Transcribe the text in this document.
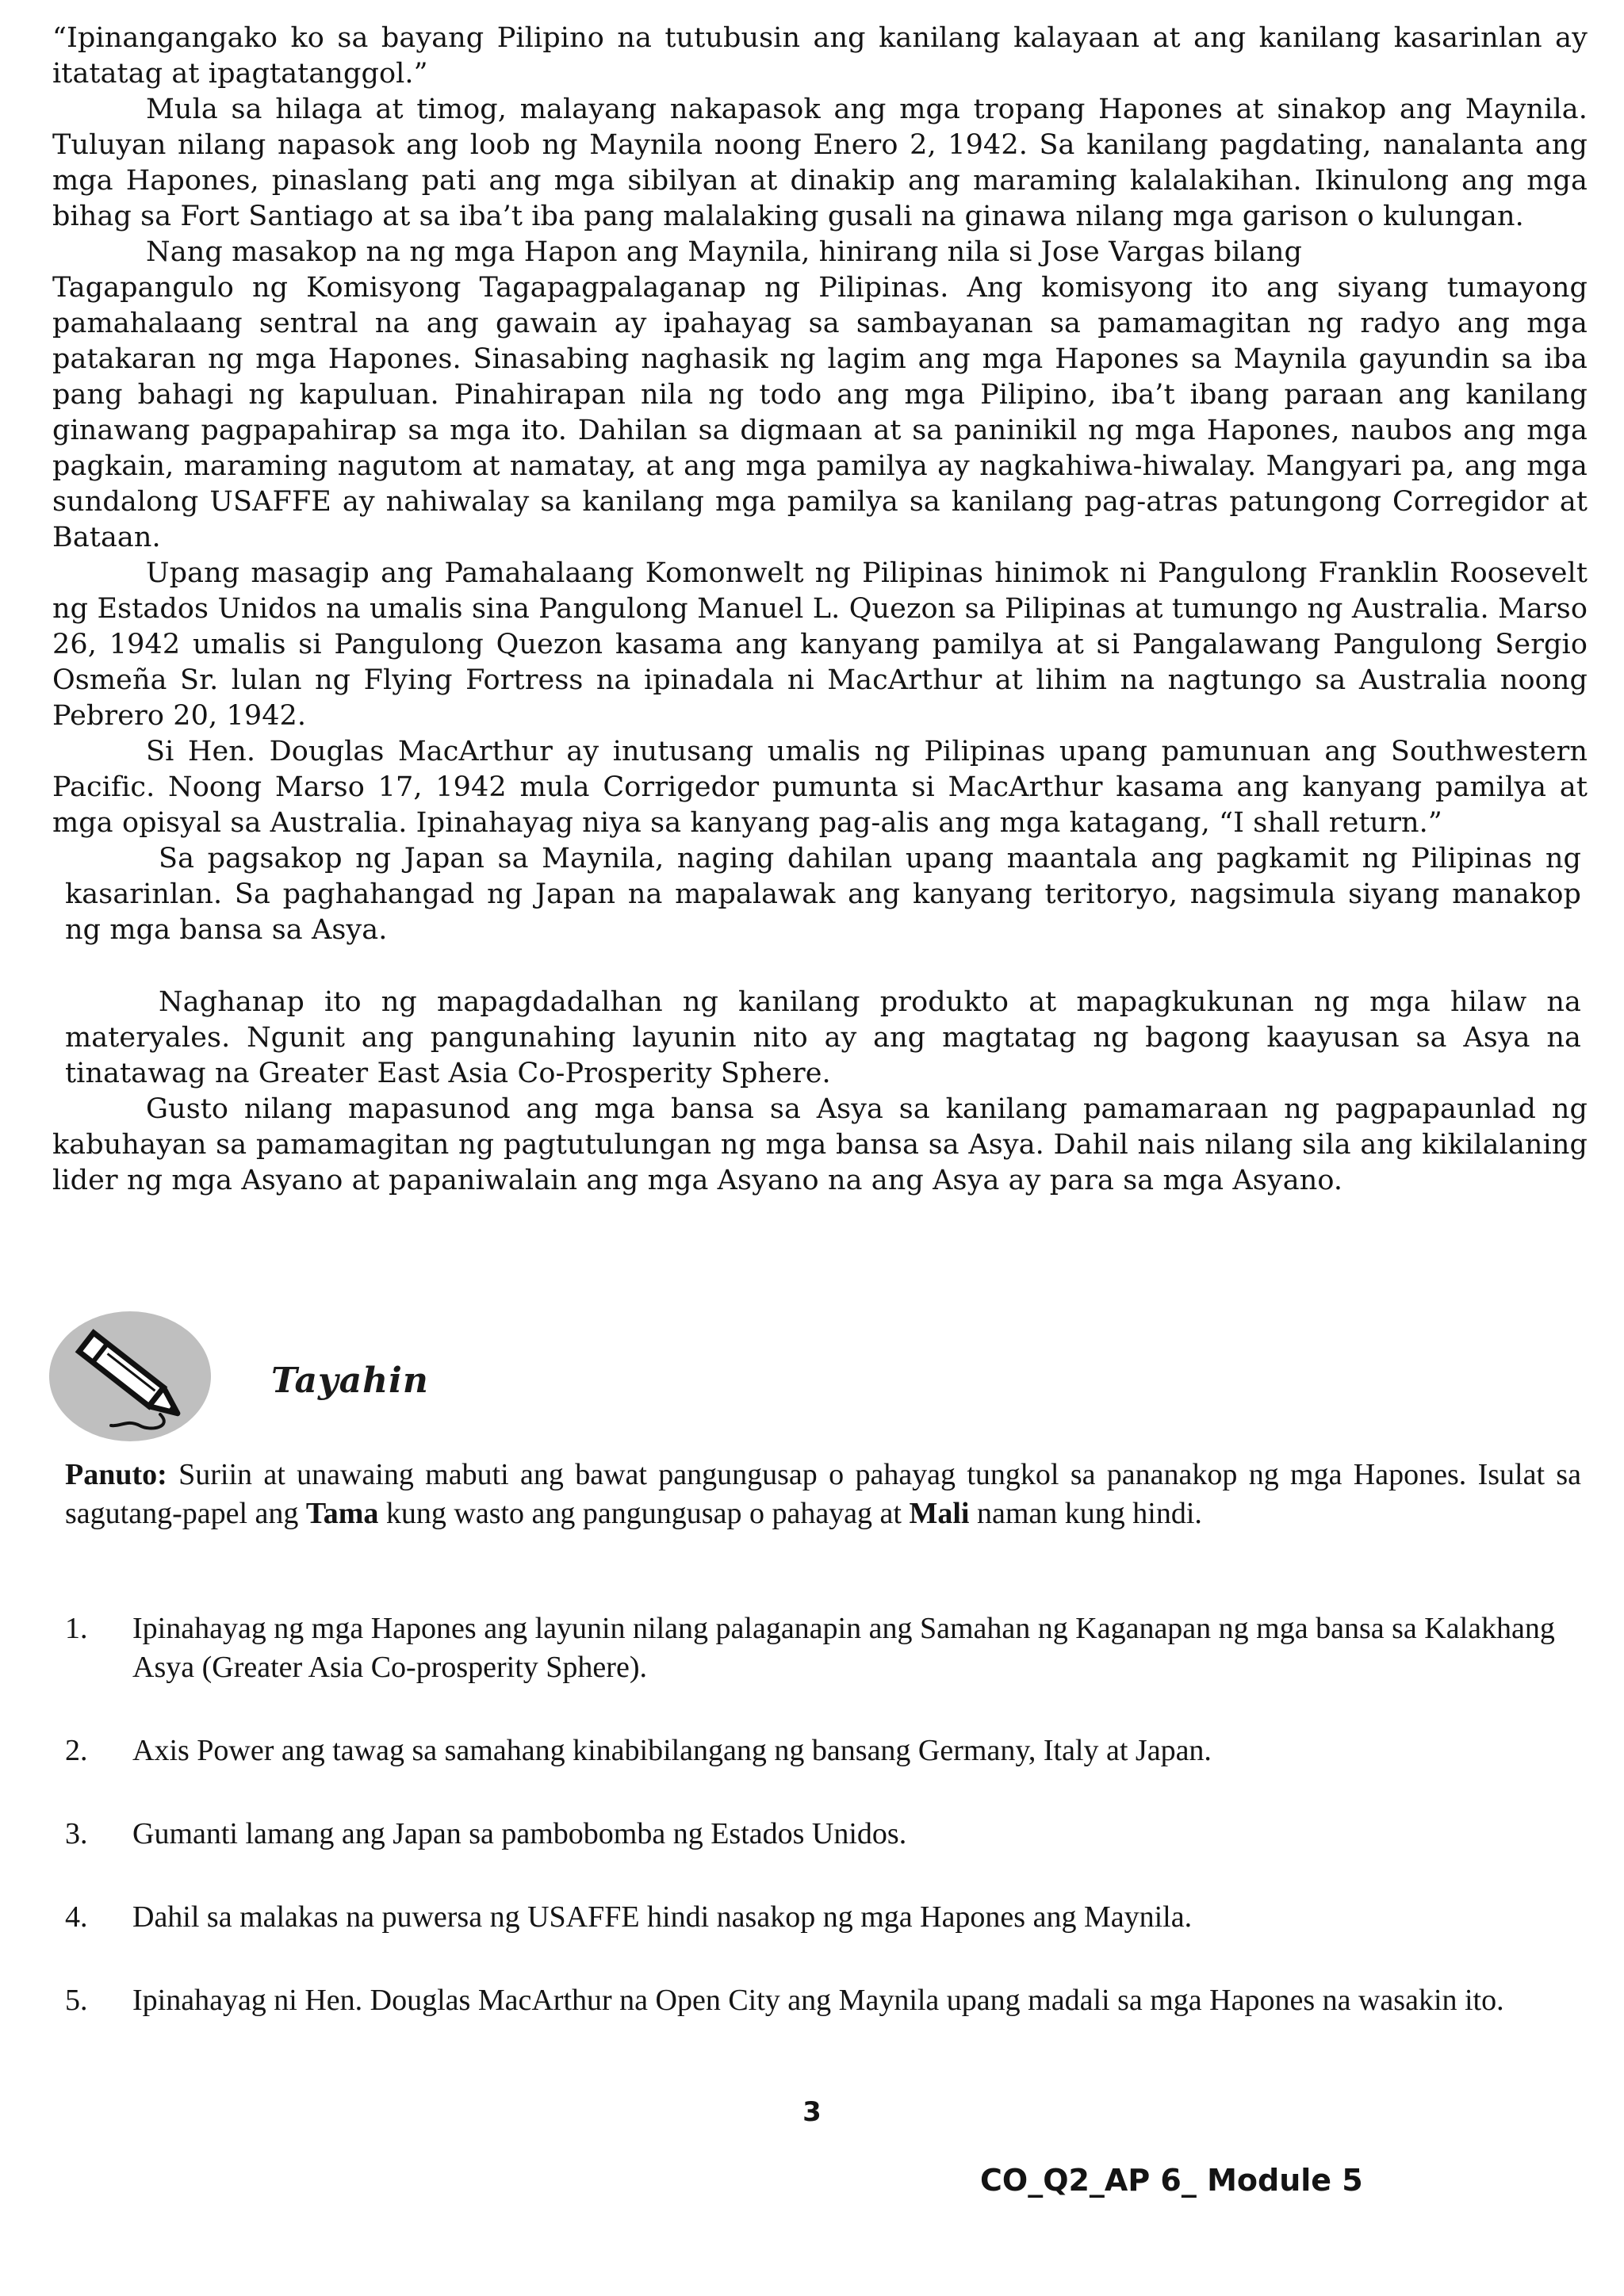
“Ipinangangako ko sa bayang Pilipino na tutubusin ang kanilang kalayaan at ang kanilang kasarinlan ay itatatag at ipagtatanggol.”

Mula sa hilaga at timog, malayang nakapasok ang mga tropang Hapones at sinakop ang Maynila. Tuluyan nilang napasok ang loob ng Maynila noong Enero 2, 1942. Sa kanilang pagdating, nanalanta ang mga Hapones, pinaslang pati ang mga sibilyan at dinakip ang maraming kalalakihan. Ikinulong ang mga bihag sa Fort Santiago at sa iba’t iba pang malalaking gusali na ginawa nilang mga garison o kulungan.

Nang masakop na ng mga Hapon ang Maynila, hinirang nila si Jose Vargas bilang

Tagapangulo ng Komisyong Tagapagpalaganap ng Pilipinas. Ang komisyong ito ang siyang tumayong pamahalaang sentral na ang gawain ay ipahayag sa sambayanan sa pamamagitan ng radyo ang mga patakaran ng mga Hapones. Sinasabing naghasik ng lagim ang mga Hapones sa Maynila gayundin sa iba pang bahagi ng kapuluan. Pinahirapan nila ng todo ang mga Pilipino, iba’t ibang paraan ang kanilang ginawang pagpapahirap sa mga ito. Dahilan sa digmaan at sa paninikil ng mga Hapones, naubos ang mga pagkain, maraming nagutom at namatay, at ang mga pamilya ay nagkahiwa-hiwalay. Mangyari pa, ang mga sundalong USAFFE ay nahiwalay sa kanilang mga pamilya sa kanilang pag-atras patungong Corregidor at Bataan.

Upang masagip ang Pamahalaang Komonwelt ng Pilipinas hinimok ni Pangulong Franklin Roosevelt ng Estados Unidos na umalis sina Pangulong Manuel L. Quezon sa Pilipinas at tumungo ng Australia. Marso 26, 1942 umalis si Pangulong Quezon kasama ang kanyang pamilya at si Pangalawang Pangulong Sergio Osmeña Sr. lulan ng Flying Fortress na ipinadala ni MacArthur at lihim na nagtungo sa Australia noong Pebrero 20, 1942.

Si Hen. Douglas MacArthur ay inutusang umalis ng Pilipinas upang pamunuan ang Southwestern Pacific. Noong Marso 17, 1942 mula Corrigedor pumunta si MacArthur kasama ang kanyang pamilya at mga opisyal sa Australia. Ipinahayag niya sa kanyang pag-alis ang mga katagang, “I shall return.”

Sa pagsakop ng Japan sa Maynila, naging dahilan upang maantala ang pagkamit ng Pilipinas ng kasarinlan. Sa paghahangad ng Japan na mapalawak ang kanyang teritoryo, nagsimula siyang manakop ng mga bansa sa Asya.

Naghanap ito ng mapagdadalhan ng kanilang produkto at mapagkukunan ng mga hilaw na materyales. Ngunit ang pangunahing layunin nito ay ang magtatag ng bagong kaayusan sa Asya na tinatawag na Greater East Asia Co-Prosperity Sphere.

Gusto nilang mapasunod ang mga bansa sa Asya sa kanilang pamamaraan ng pagpapaunlad ng kabuhayan sa pamamagitan ng pagtutulungan ng mga bansa sa Asya. Dahil nais nilang sila ang kikilalaning lider ng mga Asyano at papaniwalain ang mga Asyano na ang Asya ay para sa mga Asyano.

Tayahin
Panuto: Suriin at unawaing mabuti ang bawat pangungusap o pahayag tungkol sa pananakop ng mga Hapones. Isulat sa sagutang-papel ang Tama kung wasto ang pangungusap o pahayag at Mali naman kung hindi.
1.	Ipinahayag ng mga Hapones ang layunin nilang palaganapin ang Samahan ng Kaganapan ng mga bansa sa Kalakhang Asya (Greater Asia Co-prosperity Sphere).
2.	Axis Power ang tawag sa samahang kinabibilangang ng bansang Germany, Italy at Japan.
3.	Gumanti lamang ang Japan sa pambobomba ng Estados Unidos.
4.	Dahil sa malakas na puwersa ng USAFFE hindi nasakop ng mga Hapones ang Maynila.
5.	Ipinahayag ni Hen. Douglas MacArthur na Open City ang Maynila upang madali sa mga Hapones na wasakin ito.
3
CO_Q2_AP 6_ Module 5
